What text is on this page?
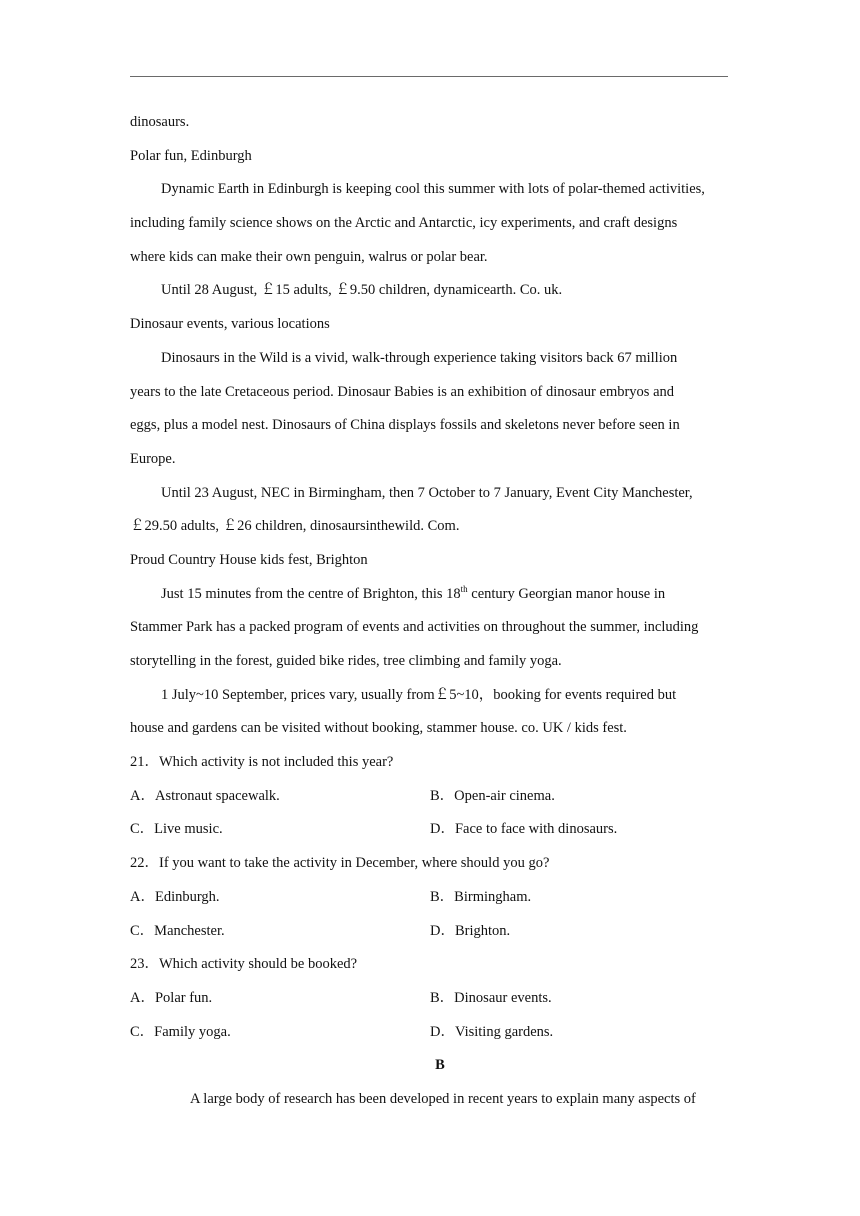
dinosaurs.
Polar fun, Edinburgh
Dynamic Earth in Edinburgh is keeping cool this summer with lots of polar-themed activities,
including family science shows on the Arctic and Antarctic, icy experiments, and craft designs
where kids can make their own penguin, walrus or polar bear.
Until 28 August, ￡15 adults, ￡9.50 children, dynamicearth. Co. uk.
Dinosaur events, various locations
Dinosaurs in the Wild is a vivid, walk-through experience taking visitors back 67 million
years to the late Cretaceous period. Dinosaur Babies is an exhibition of dinosaur embryos and
eggs, plus a model nest. Dinosaurs of China displays fossils and skeletons never before seen in
Europe.
Until 23 August, NEC in Birmingham, then 7 October to 7 January, Event City Manchester,
￡29.50 adults, ￡26 children, dinosaursinthewild. Com.
Proud Country House kids fest, Brighton
Just 15 minutes from the centre of Brighton, this 18th century Georgian manor house in
Stammer Park has a packed program of events and activities on throughout the summer, including
storytelling in the forest, guided bike rides, tree climbing and family yoga.
1 July~10 September, prices vary, usually from￡5~10，booking for events required but
house and gardens can be visited without booking, stammer house. co. UK / kids fest.
21．Which activity is not included this year?
A．Astronaut spacewalk.	B．Open-air cinema.
C．Live music.	D．Face to face with dinosaurs.
22．If you want to take the activity in December, where should you go?
A．Edinburgh.	B．Birmingham.
C．Manchester.	D．Brighton.
23．Which activity should be booked?
A．Polar fun.	B．Dinosaur events.
C．Family yoga.	D．Visiting gardens.
B
A large body of research has been developed in recent years to explain many aspects of
